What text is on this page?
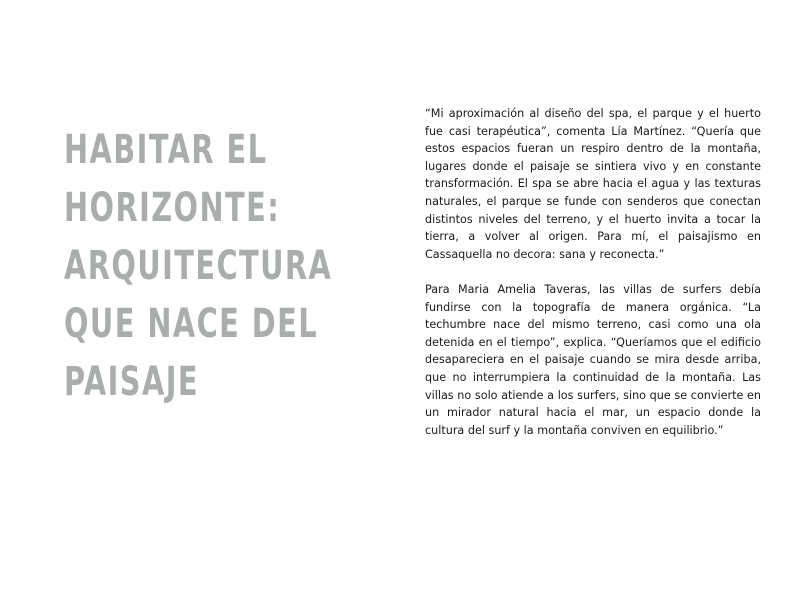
HABITAR EL
HORIZONTE:
ARQUITECTURA
QUE NACE DEL
PAISAJE

“Mi aproximación al diseño del spa, el parque y el huerto fue casi terapéutica”, comenta Lía Martínez. “Quería que estos espacios fueran un respiro dentro de la montaña, lugares donde el paisaje se sintiera vivo y en constante transformación. El spa se abre hacia el agua y las texturas naturales, el parque se funde con senderos que conectan distintos niveles del terreno, y el huerto invita a tocar la tierra, a volver al origen. Para mí, el paisajismo en Cassaquella no decora: sana y reconecta.”

Para Maria Amelia Taveras, las villas de surfers debía fundirse con la topografía de manera orgánica. “La techumbre nace del mismo terreno, casi como una ola detenida en el tiempo”, explica. “Queríamos que el edificio desapareciera en el paisaje cuando se mira desde arriba, que no interrumpiera la continuidad de la montaña. Las villas no solo atiende a los surfers, sino que se convierte en un mirador natural hacia el mar, un espacio donde la cultura del surf y la montaña conviven en equilibrio.”
